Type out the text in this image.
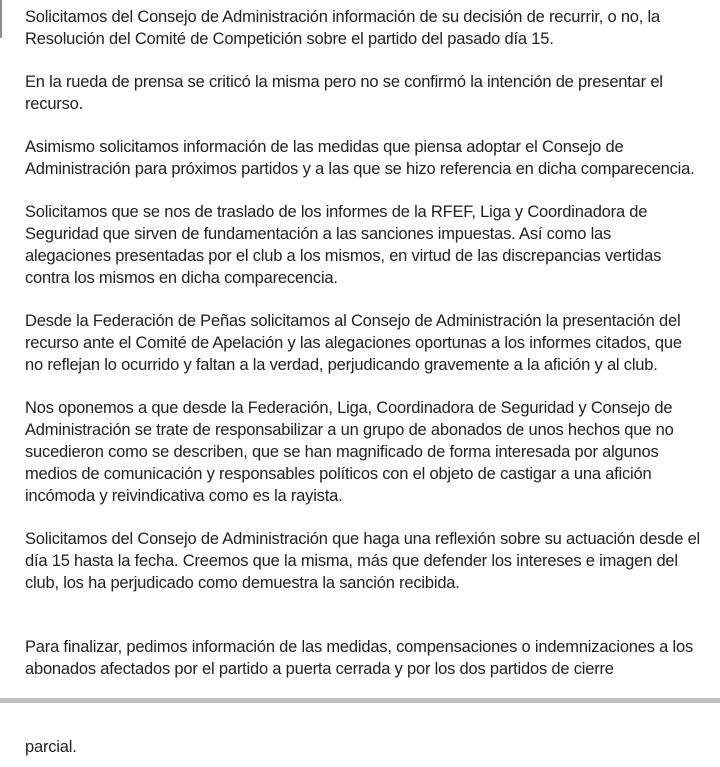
Solicitamos del Consejo de Administración información de su decisión de recurrir, o no, la Resolución del Comité de Competición sobre el partido del pasado día 15.

En la rueda de prensa se criticó la misma pero no se confirmó la intención de presentar el recurso.

Asimismo solicitamos información de las medidas que piensa adoptar el Consejo de Administración para próximos partidos y a las que se hizo referencia en dicha comparecencia.

Solicitamos que se nos de traslado de los informes de la RFEF, Liga y Coordinadora de Seguridad que sirven de fundamentación a las sanciones impuestas. Así como las alegaciones presentadas por el club a los mismos, en virtud de las discrepancias vertidas contra los mismos en dicha comparecencia.

Desde la Federación de Peñas solicitamos al Consejo de Administración la presentación del recurso ante el Comité de Apelación y las alegaciones oportunas a los informes citados, que no reflejan lo ocurrido y faltan a la verdad, perjudicando gravemente a la afición y al club.

Nos oponemos a que desde la Federación, Liga, Coordinadora de Seguridad y Consejo de Administración se trate de responsabilizar a un grupo de abonados de unos hechos que no sucedieron como se describen, que se han magnificado de forma interesada por algunos medios de comunicación y responsables políticos con el objeto de castigar a una afición incómoda y reivindicativa como es la rayista.

Solicitamos del Consejo de Administración que haga una reflexión sobre su actuación desde el día 15 hasta la fecha. Creemos que la misma, más que defender los intereses e imagen del club, los ha perjudicado como demuestra la sanción recibida.

Para finalizar, pedimos información de las medidas, compensaciones o indemnizaciones a los abonados afectados por el partido a puerta cerrada y por los dos partidos de cierre

parcial.
